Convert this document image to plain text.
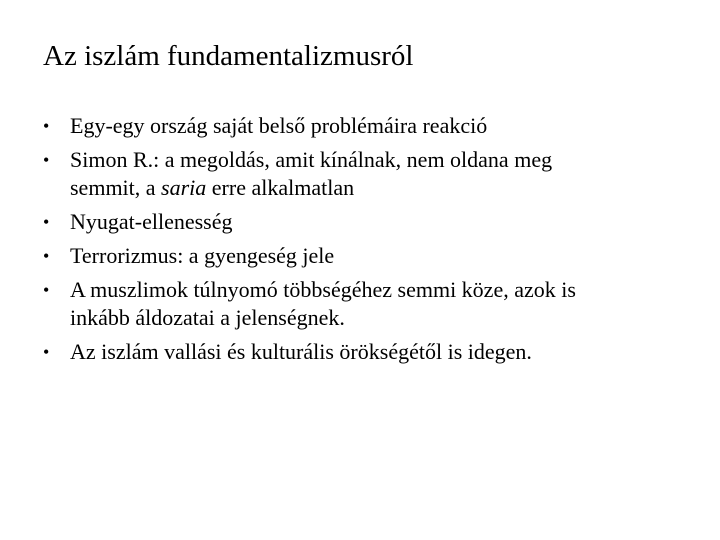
Az iszlám fundamentalizmusról
• Egy-egy ország saját belső problémáira reakció
• Simon R.: a megoldás, amit kínálnak, nem oldana meg
semmit, a saria erre alkalmatlan
• Nyugat-ellenesség
• Terrorizmus: a gyengeség jele
• A muszlimok túlnyomó többségéhez semmi köze, azok is
inkább áldozatai a jelenségnek.
• Az iszlám vallási és kulturális örökségétől is idegen.
